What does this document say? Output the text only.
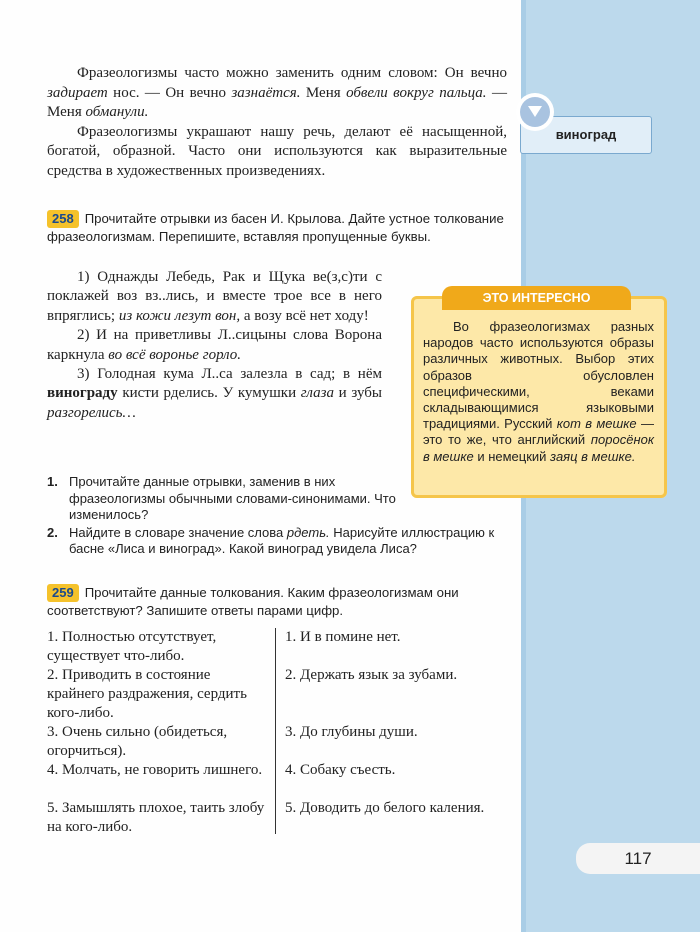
Фразеологизмы часто можно заменить одним словом: Он вечно задирает нос. — Он вечно зазнаётся. Меня обвели вокруг пальца. — Меня обманули.

Фразеологизмы украшают нашу речь, делают её насыщенной, богатой, образной. Часто они используются как выразительные средства в художественных произведениях.

258 Прочитайте отрывки из басен И. Крылова. Дайте устное толкование фразеологизмам. Перепишите, вставляя пропущенные буквы.

1) Однажды Лебедь, Рак и Щука ве(з,с)ти с поклажей воз вз..лись, и вместе трое все в него впряглись; из кожи лезут вон, а возу всё нет ходу!

2) И на приветливы Л..сицыны слова Ворона каркнула во всё воронье горло.

3) Голодная кума Л..са залезла в сад; в нём винограду кисти рделись. У кумушки глаза и зубы разгорелись…

1. Прочитайте данные отрывки, заменив в них фразеологизмы обычными словами-синонимами. Что изменилось?
2. Найдите в словаре значение слова рдеть. Нарисуйте иллюстрацию к басне «Лиса и виноград». Какой виноград увидела Лиса?
259 Прочитайте данные толкования. Каким фразеологизмам они соответствуют? Запишите ответы парами цифр.
1. Полностью отсутствует, существует что-либо.
2. Приводить в состояние крайнего раздражения, сердить кого-либо.
3. Очень сильно (обидеться, огорчиться).
4. Молчать, не говорить лишнего.
5. Замышлять плохое, таить злобу на кого-либо.
1. И в помине нет.
2. Держать язык за зубами.
3. До глубины души.
4. Собаку съесть.
5. Доводить до белого каления.
виноград
ЭТО ИНТЕРЕСНО

Во фразеологизмах разных народов часто используются образы различных животных. Выбор этих образов обусловлен специфическими, веками складывающимися языковыми традициями. Русский кот в мешке — это то же, что английский поросёнок в мешке и немецкий заяц в мешке.

117
